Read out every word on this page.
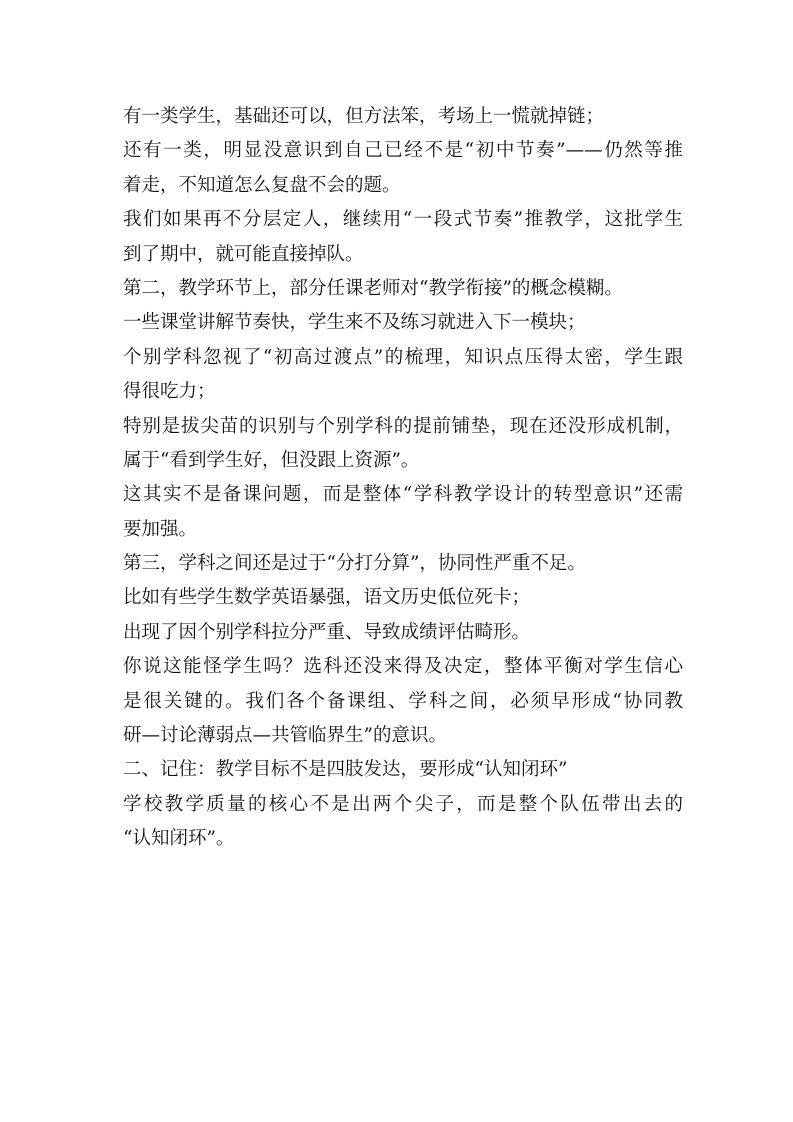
有一类学生，基础还可以，但方法笨，考场上一慌就掉链；
还有一类，明显没意识到自己已经不是“初中节奏”——仍然等推
着走，不知道怎么复盘不会的题。
我们如果再不分层定人，继续用“一段式节奏”推教学，这批学生
到了期中，就可能直接掉队。
第二，教学环节上，部分任课老师对“教学衔接”的概念模糊。
一些课堂讲解节奏快，学生来不及练习就进入下一模块；
个别学科忽视了“初高过渡点”的梳理，知识点压得太密，学生跟
得很吃力；
特别是拔尖苗的识别与个别学科的提前铺垫，现在还没形成机制，
属于“看到学生好，但没跟上资源”。
这其实不是备课问题，而是整体“学科教学设计的转型意识”还需
要加强。
第三，学科之间还是过于“分打分算”，协同性严重不足。
比如有些学生数学英语暴强，语文历史低位死卡；
出现了因个别学科拉分严重、导致成绩评估畸形。
你说这能怪学生吗？选科还没来得及决定，整体平衡对学生信心
是很关键的。我们各个备课组、学科之间，必须早形成“协同教
研—讨论薄弱点—共管临界生”的意识。
二、记住：教学目标不是四肢发达，要形成“认知闭环”
学校教学质量的核心不是出两个尖子，而是整个队伍带出去的
“认知闭环”。
